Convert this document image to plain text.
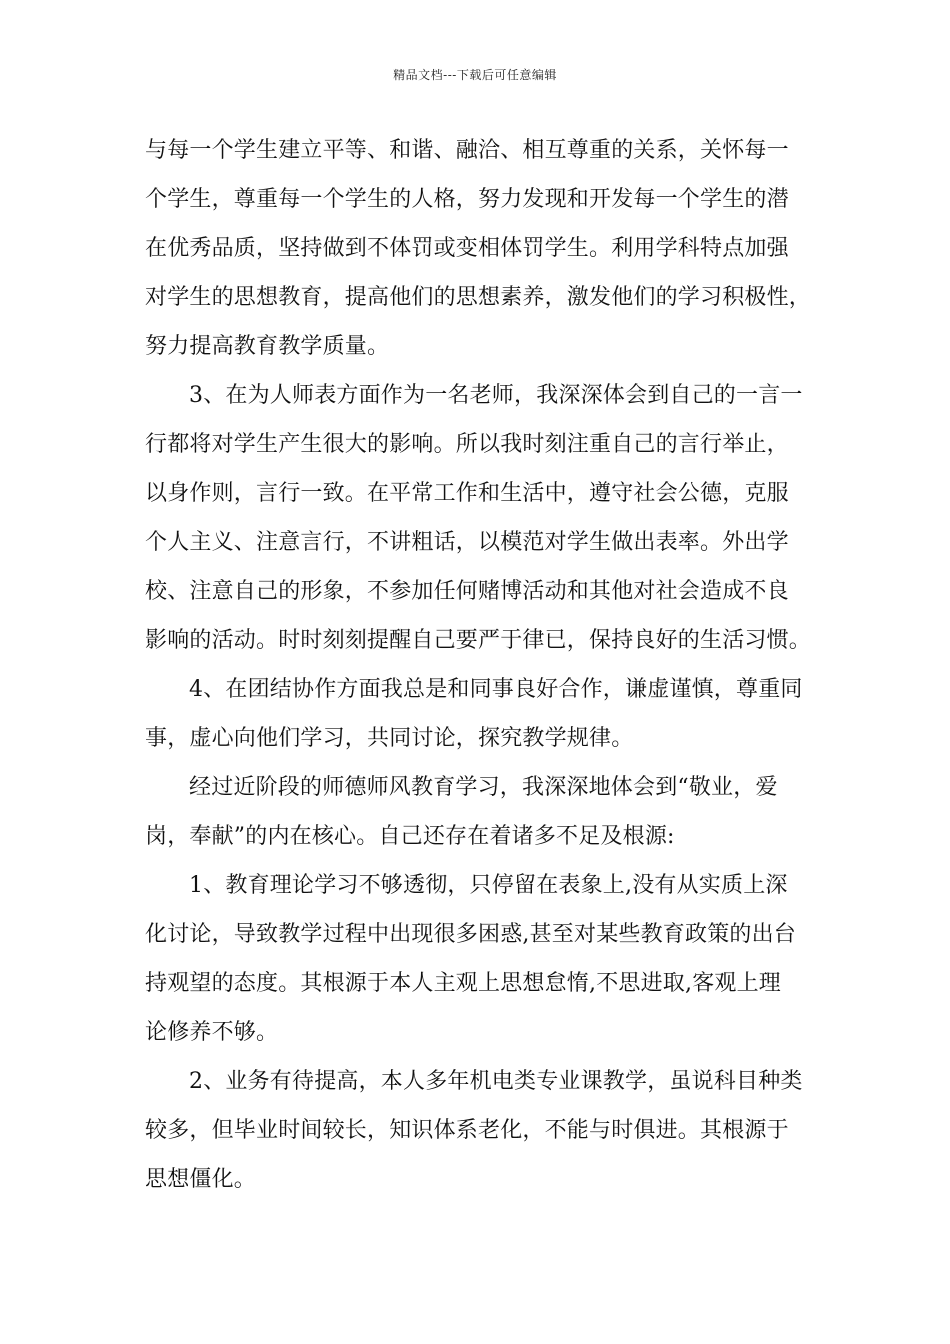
精品文档---下载后可任意编辑
与每一个学生建立平等、和谐、融洽、相互尊重的关系，关怀每一
个学生，尊重每一个学生的人格，努力发现和开发每一个学生的潜
在优秀品质，坚持做到不体罚或变相体罚学生。利用学科特点加强
对学生的思想教育，提高他们的思想素养，激发他们的学习积极性，
努力提高教育教学质量。
3、在为人师表方面作为一名老师，我深深体会到自己的一言一
行都将对学生产生很大的影响。所以我时刻注重自己的言行举止，
以身作则，言行一致。在平常工作和生活中，遵守社会公德，克服
个人主义、注意言行，不讲粗话，以模范对学生做出表率。外出学
校、注意自己的形象，不参加任何赌博活动和其他对社会造成不良
影响的活动。时时刻刻提醒自己要严于律已，保持良好的生活习惯。
4、在团结协作方面我总是和同事良好合作，谦虚谨慎，尊重同
事，虚心向他们学习，共同讨论，探究教学规律。
经过近阶段的师德师风教育学习，我深深地体会到“敬业，爱
岗，奉献”的内在核心。自己还存在着诸多不足及根源:
1、教育理论学习不够透彻，只停留在表象上,没有从实质上深
化讨论，导致教学过程中出现很多困惑,甚至对某些教育政策的出台
持观望的态度。其根源于本人主观上思想怠惰,不思进取,客观上理
论修养不够。
2、业务有待提高，本人多年机电类专业课教学，虽说科目种类
较多，但毕业时间较长，知识体系老化，不能与时俱进。其根源于
思想僵化。
